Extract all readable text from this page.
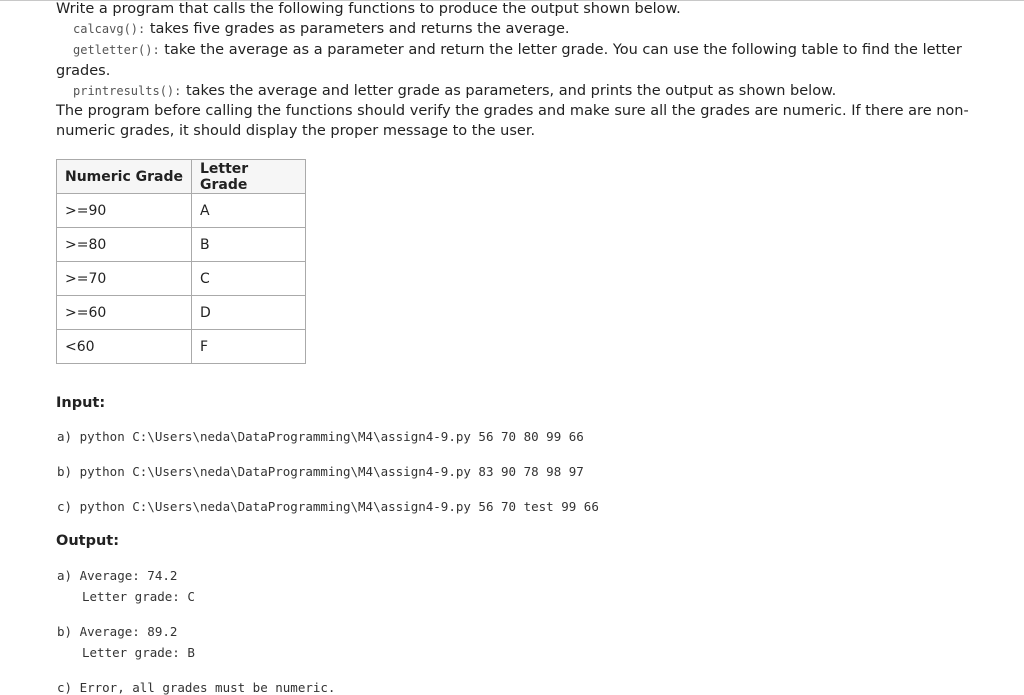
Write a program that calls the following functions to produce the output shown below.
calcavg(): takes five grades as parameters and returns the average.
getletter(): take the average as a parameter and return the letter grade. You can use the following table to find the letter
grades.
printresults(): takes the average and letter grade as parameters, and prints the output as shown below.
The program before calling the functions should verify the grades and make sure all the grades are numeric. If there are non-
numeric grades, it should display the proper message to the user.
Numeric Grade	Letter Grade
>=90	A
>=80	B
>=70	C
>=60	D
<60	F
Input:
a) python C:\Users\neda\DataProgramming\M4\assign4-9.py 56 70 80 99 66
b) python C:\Users\neda\DataProgramming\M4\assign4-9.py 83 90 78 98 97
c) python C:\Users\neda\DataProgramming\M4\assign4-9.py 56 70 test 99 66
Output:
a) Average: 74.2
Letter grade: C
b) Average: 89.2
Letter grade: B
c) Error, all grades must be numeric.
